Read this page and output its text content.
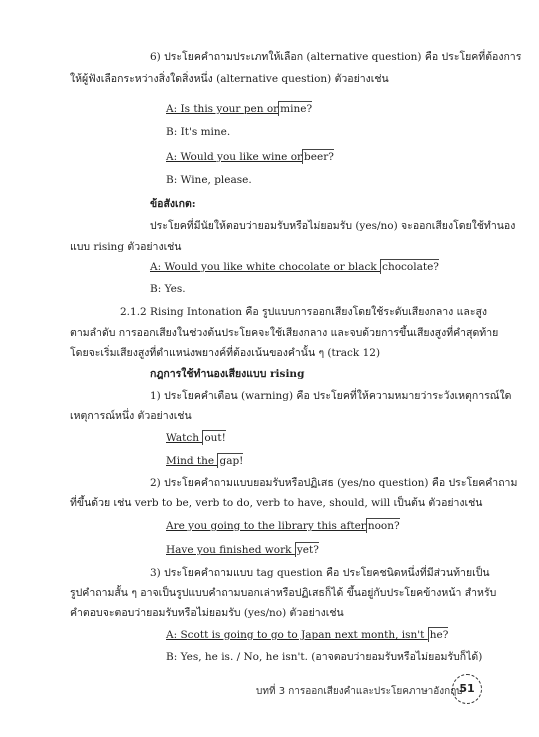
6) ประโยคคำถามประเภทให้เลือก (alternative question) คือ ประโยคที่ต้องการ
ให้ผู้ฟังเลือกระหว่างสิ่งใดสิ่งหนึ่ง (alternative question) ตัวอย่างเช่น
A: Is this your pen or mine?
B: It's mine.
A: Would you like wine or beer?
B: Wine, please.
ข้อสังเกต:
ประโยคที่มีนัยให้ตอบว่ายอมรับหรือไม่ยอมรับ (yes/no) จะออกเสียงโดยใช้ทำนอง
แบบ rising ตัวอย่างเช่น
A: Would you like white chocolate or black chocolate?
B: Yes.
2.1.2 Rising Intonation คือ รูปแบบการออกเสียงโดยใช้ระดับเสียงกลาง และสูง
ตามลำดับ การออกเสียงในช่วงต้นประโยคจะใช้เสียงกลาง และจบด้วยการขึ้นเสียงสูงที่คำสุดท้าย
โดยจะเริ่มเสียงสูงที่ตำแหน่งพยางค์ที่ต้องเน้นของคำนั้น ๆ (track 12)
กฎการใช้ทำนองเสียงแบบ rising
1) ประโยคคำเตือน (warning) คือ ประโยคที่ให้ความหมายว่าระวังเหตุการณ์ใด
เหตุการณ์หนึ่ง ตัวอย่างเช่น
Watch out!
Mind the gap!
2) ประโยคคำถามแบบยอมรับหรือปฏิเสธ (yes/no question) คือ ประโยคคำถาม
ที่ขึ้นด้วย เช่น verb to be, verb to do, verb to have, should, will เป็นต้น ตัวอย่างเช่น
Are you going to the library this after noon?
Have you finished work yet?
3) ประโยคคำถามแบบ tag question คือ ประโยคชนิดหนึ่งที่มีส่วนท้ายเป็น
รูปคำถามสั้น ๆ อาจเป็นรูปแบบคำถามบอกเล่าหรือปฏิเสธก็ได้ ขึ้นอยู่กับประโยคข้างหน้า สำหรับ
คำตอบจะตอบว่ายอมรับหรือไม่ยอมรับ (yes/no) ตัวอย่างเช่น
A: Scott is going to go to Japan next month, isn't he?
B: Yes, he is. / No, he isn't. (อาจตอบว่ายอมรับหรือไม่ยอมรับก็ได้)
บทที่ 3 การออกเสียงคำและประโยคภาษาอังกฤษ
51
